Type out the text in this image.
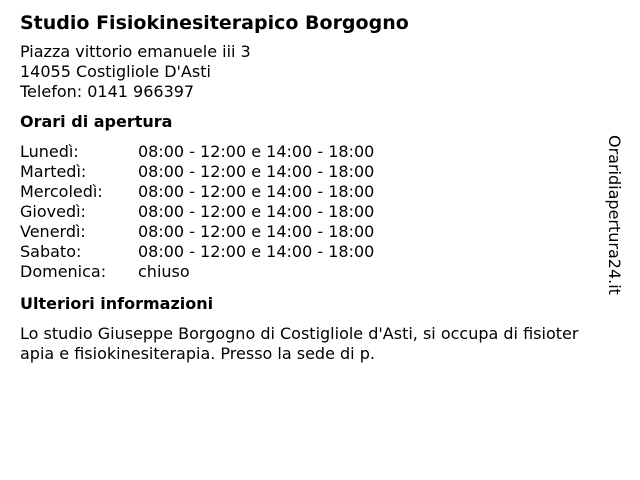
Studio Fisiokinesiterapico Borgogno
Piazza vittorio emanuele iii 3
14055 Costigliole D'Asti
Telefon: 0141 966397
Orari di apertura
Lunedì:	08:00 - 12:00 e 14:00 - 18:00
Martedì:	08:00 - 12:00 e 14:00 - 18:00
Mercoledì: 08:00 - 12:00 e 14:00 - 18:00
Giovedì:	08:00 - 12:00 e 14:00 - 18:00
Venerdì:	08:00 - 12:00 e 14:00 - 18:00
Sabato:	08:00 - 12:00 e 14:00 - 18:00
Domenica: chiuso
Ulteriori informazioni
Lo studio Giuseppe Borgogno di Costigliole d'Asti, si occupa di fisioterapia e fisiokinesiterapia. Presso la sede di p.
Oraridiapertura24.it
